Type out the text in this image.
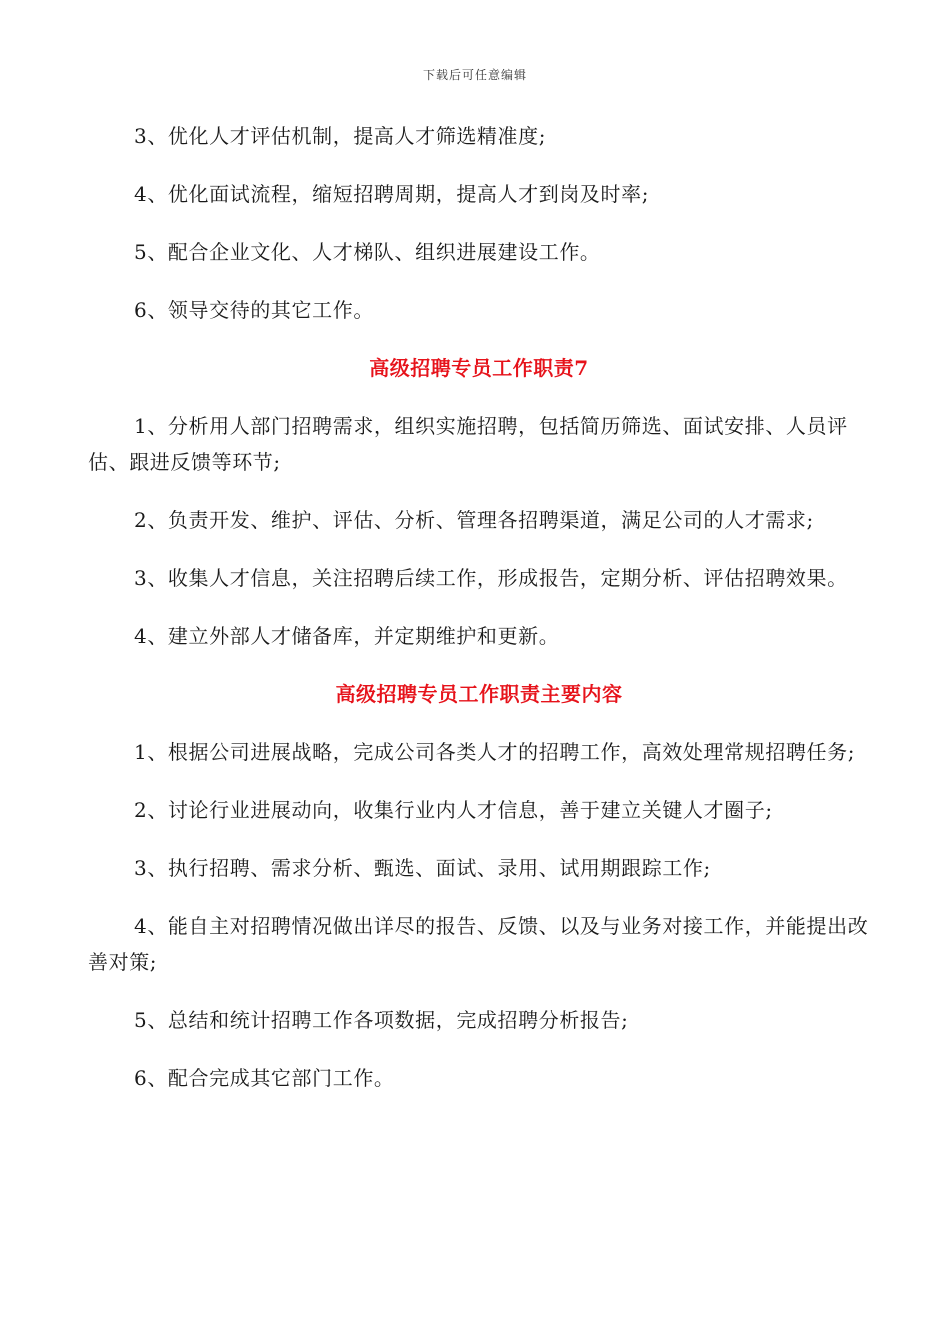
下载后可任意编辑

3、优化人才评估机制，提高人才筛选精准度;

4、优化面试流程，缩短招聘周期，提高人才到岗及时率;

5、配合企业文化、人才梯队、组织进展建设工作。

6、领导交待的其它工作。

高级招聘专员工作职责7

1、分析用人部门招聘需求，组织实施招聘，包括简历筛选、面试安排、人员评估、跟进反馈等环节;

2、负责开发、维护、评估、分析、管理各招聘渠道，满足公司的人才需求;

3、收集人才信息，关注招聘后续工作，形成报告，定期分析、评估招聘效果。

4、建立外部人才储备库，并定期维护和更新。

高级招聘专员工作职责主要内容

1、根据公司进展战略，完成公司各类人才的招聘工作，高效处理常规招聘任务;

2、讨论行业进展动向，收集行业内人才信息，善于建立关键人才圈子;

3、执行招聘、需求分析、甄选、面试、录用、试用期跟踪工作;

4、能自主对招聘情况做出详尽的报告、反馈、以及与业务对接工作，并能提出改善对策;

5、总结和统计招聘工作各项数据，完成招聘分析报告;

6、配合完成其它部门工作。
